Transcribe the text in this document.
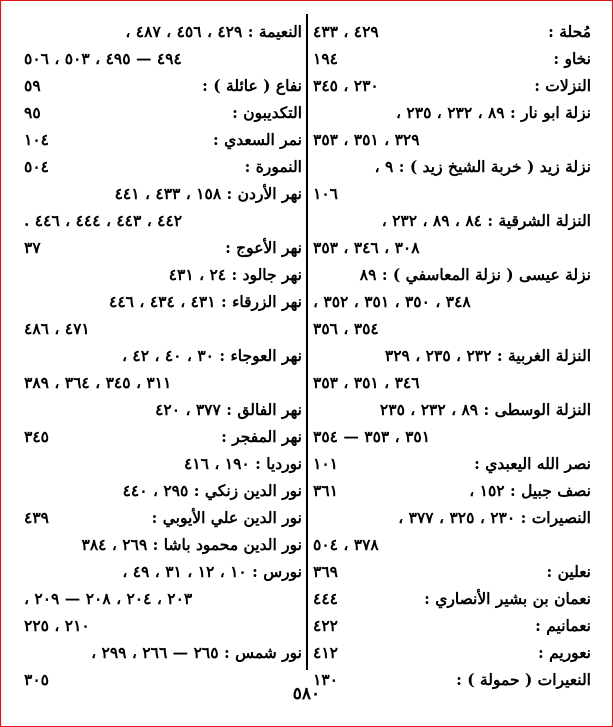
مُحلة :
٤٢٩ ، ٤٣٣
نخاو :
١٩٤
النزلات :
٢٣٠ ، ٣٤٥
نزلة ابو نار : ٨٩ ، ٢٣٢ ، ٢٣٥ ،
٣٢٩ ، ٣٥١ ، ٣٥٣
نزلة زيد ( خربة الشيخ زيد ) : ٩ ،
١٠٦
النزلة الشرقية : ٨٤ ، ٨٩ ، ٢٣٢ ،
٣٠٨ ، ٣٤٦ ، ٣٥٣
نزلة عيسى ( نزلة المعاسفي ) : ٨٩
٣٤٨ ، ٣٥٠ ، ٣٥١ ، ٣٥٢ ،
٣٥٤ ، ٣٥٦
النزلة الغربية : ٢٣٢ ، ٢٣٥ ، ٣٢٩
٣٤٦ ، ٣٥١ ، ٣٥٣
النزلة الوسطى : ٨٩ ، ٢٣٢ ، ٢٣٥
٣٥١ ، ٣٥٣ — ٣٥٤
نصر الله اليعبدي :
١٠١
نصف جبيل : ١٥٢ ،
٣٦١
النصيرات : ٢٣٠ ، ٣٢٥ ، ٣٧٧ ،
٣٧٨ ، ٥٠٤
نعلين :
٣٦٩
نعمان بن بشير الأنصاري :
٤٤٤
نعمانيم :
٤٢٢
نعوريم :
٤١٢
النعيرات ( حمولة ) :
١٣٠
النعيمة : ٤٢٩ ، ٤٥٦ ، ٤٨٧ ،
٤٩٤ — ٤٩٥ ، ٥٠٣ ، ٥٠٦
نفاع ( عائلة ) :
٥٩
التكديبون :
٩٥
نمر السعدي :
١٠٤
النمورة :
٥٠٤
نهر الأردن : ١٥٨ ، ٤٣٣ ، ٤٤١
٤٤٢ ، ٤٤٣ ، ٤٤٤ ، ٤٤٦ .
نهر الأعوج :
٣٧
نهر جالود : ٢٤ ، ٤٣١
نهر الزرقاء : ٤٣١ ، ٤٣٤ ، ٤٤٦
٤٧١ ، ٤٨٦
نهر العوجاء : ٣٠ ، ٤٠ ، ٤٢ ،
٣١١ ، ٣٤٥ ، ٣٦٤ ، ٣٨٩
نهر الفالق : ٣٧٧ ، ٤٢٠
نهر المفجر :
٣٤٥
نورديا : ١٩٠ ، ٤١٦
نور الدين زنكي : ٢٩٥ ، ٤٤٠
نور الدين علي الأيوبي :
٤٣٩
نور الدين محمود باشا : ٢٦٩ ، ٣٨٤
نورس : ١٠ ، ١٢ ، ٣١ ، ٤٩ ،
٢٠٣ ، ٢٠٤ ، ٢٠٨ — ٢٠٩ ،
٢١٠ ، ٢٢٥
نور شمس : ٢٦٥ — ٢٦٦ ، ٢٩٩ ،
٣٠٥
٥٨٠
